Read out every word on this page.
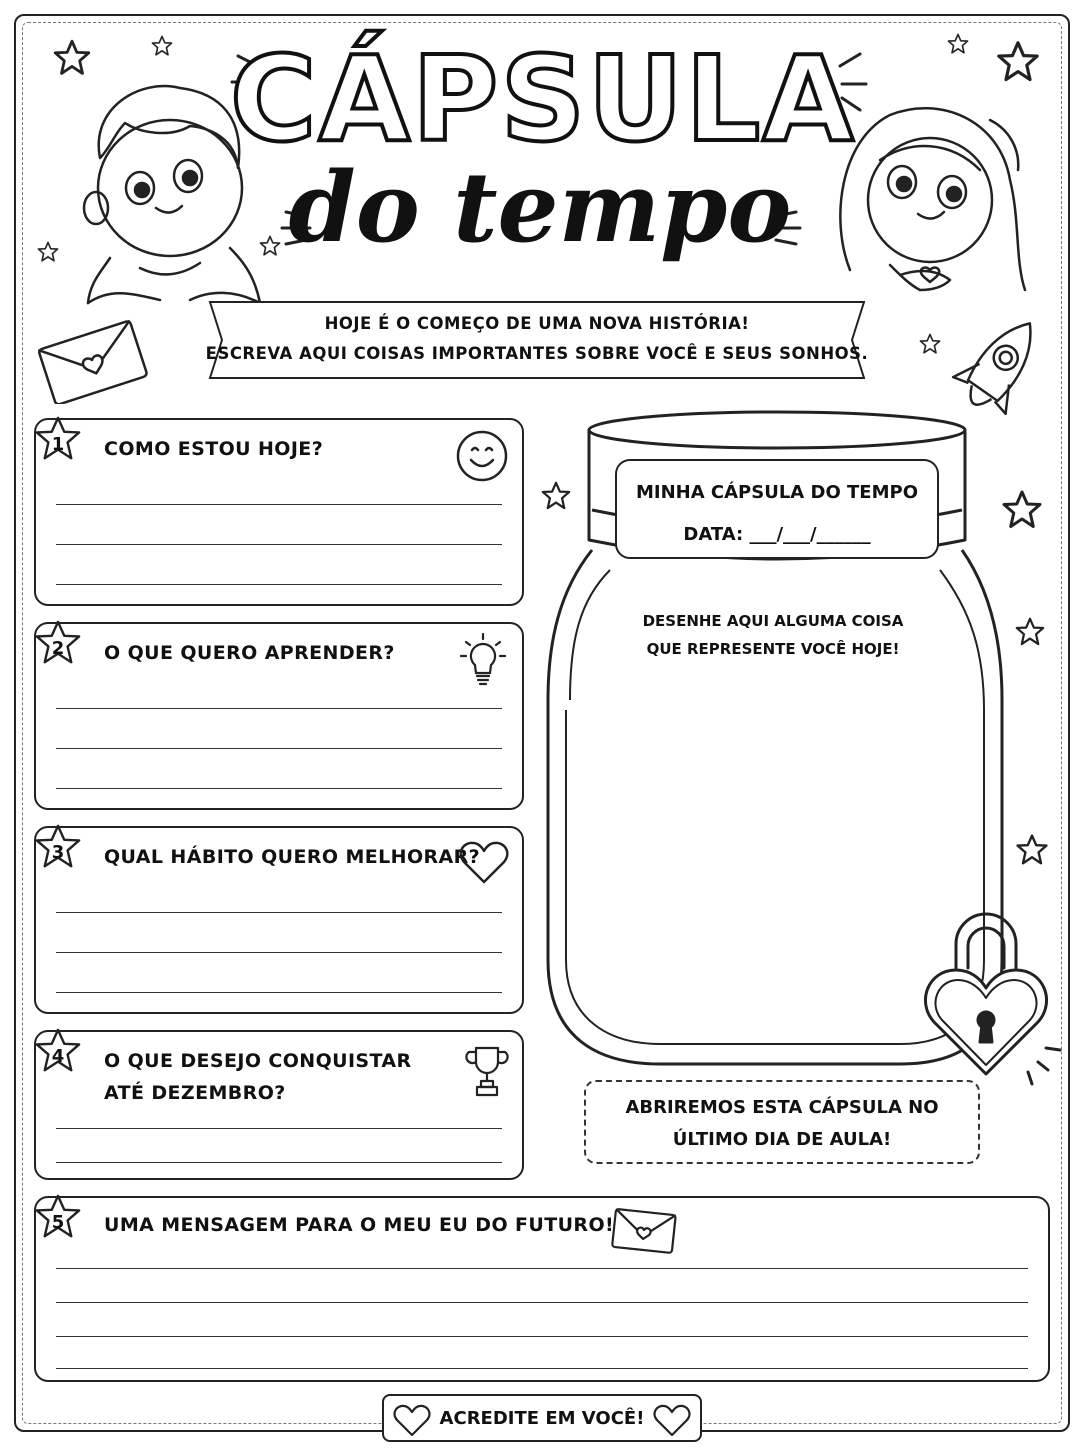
CÁPSULA
do tempo
HOJE É O COMEÇO DE UMA NOVA HISTÓRIA!
ESCREVA AQUI COISAS IMPORTANTES SOBRE VOCÊ E SEUS SONHOS.
1	COMO ESTOU HOJE?
2	O QUE QUERO APRENDER?
3	QUAL HÁBITO QUERO MELHORAR?
4	O QUE DESEJO CONQUISTAR
ATÉ DEZEMBRO?
5	UMA MENSAGEM PARA O MEU EU DO FUTURO!
MINHA CÁPSULA DO TEMPO
DATA: ___/___/______
DESENHE AQUI ALGUMA COISA
QUE REPRESENTE VOCÊ HOJE!
ABRIREMOS ESTA CÁPSULA NO
ÚLTIMO DIA DE AULA!
ACREDITE EM VOCÊ!
